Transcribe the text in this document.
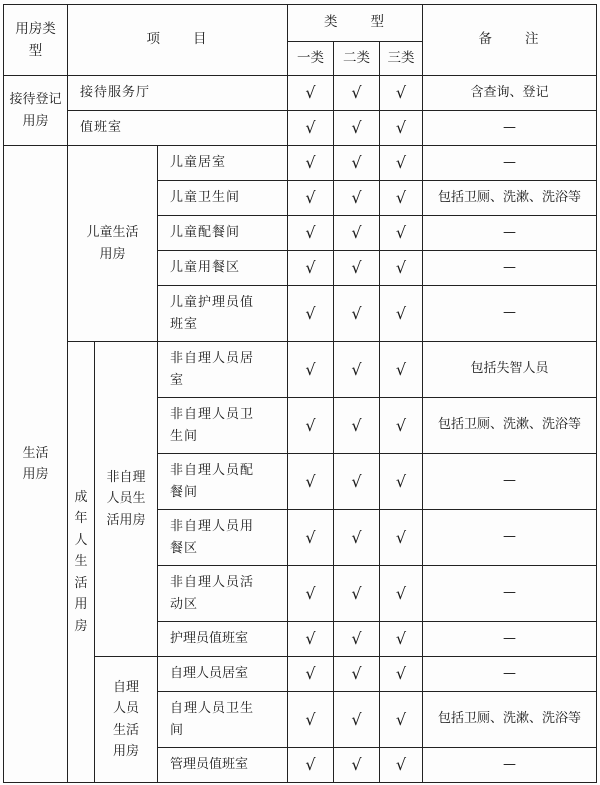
用房类型	项　　目			类　　型			备　　注
				一类	二类	三类	
接待登记用房	接待服务厅			√	√	√	含查询、登记
	值班室			√	√	√	—
生活用房	儿童生活用房		儿童居室	√	√	√	—
			儿童卫生间	√	√	√	包括卫厕、洗漱、洗浴等
			儿童配餐间	√	√	√	—
			儿童用餐区	√	√	√	—
			儿童护理员值班室	√	√	√	—
	成年人生活用房	非自理人员生活用房	非自理人员居室	√	√	√	包括失智人员
			非自理人员卫生间	√	√	√	包括卫厕、洗漱、洗浴等
			非自理人员配餐间	√	√	√	—
			非自理人员用餐区	√	√	√	—
			非自理人员活动区	√	√	√	—
			护理员值班室	√	√	√	—
		自理人员生活用房	自理人员居室	√	√	√	—
			自理人员卫生间	√	√	√	包括卫厕、洗漱、洗浴等
			管理员值班室	√	√	√	—
